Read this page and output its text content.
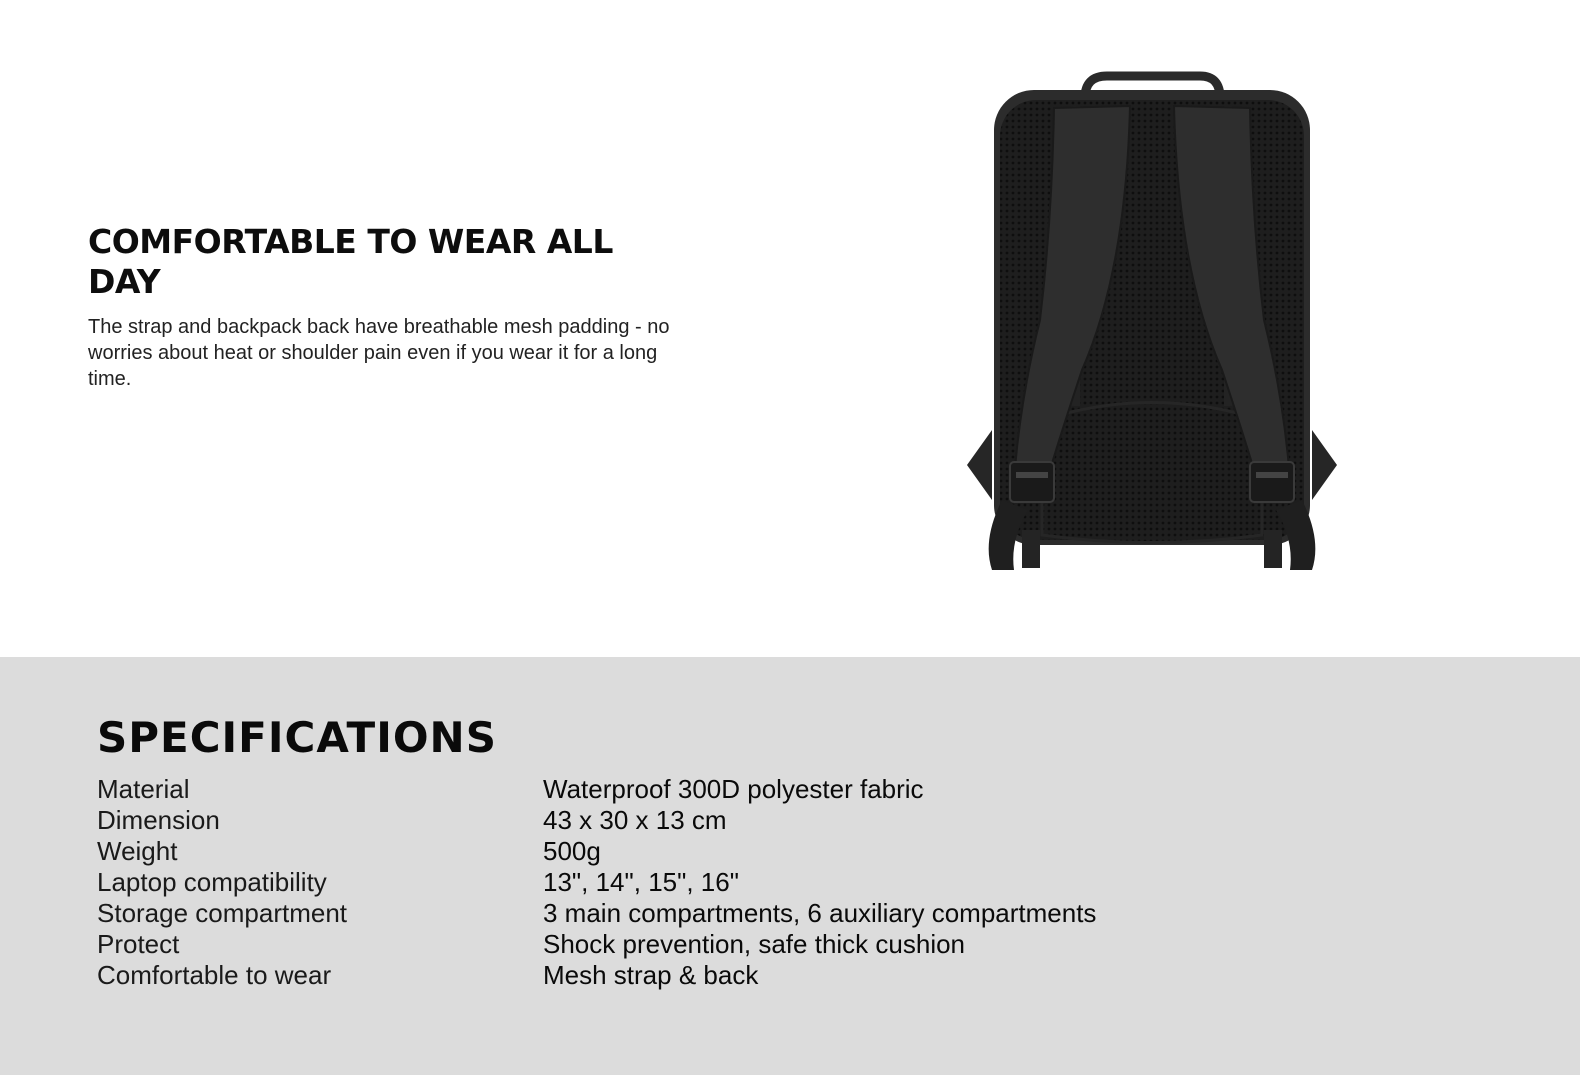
COMFORTABLE TO WEAR ALL DAY

The strap and backpack back have breathable mesh padding - no worries about heat or shoulder pain even if you wear it for a long time.

SPECIFICATIONS
Material	Waterproof 300D polyester fabric
Dimension	43 x 30 x 13 cm
Weight	500g
Laptop compatibility	13", 14", 15", 16"
Storage compartment	3 main compartments, 6 auxiliary compartments
Protect	Shock prevention, safe thick cushion
Comfortable to wear	Mesh strap & back
